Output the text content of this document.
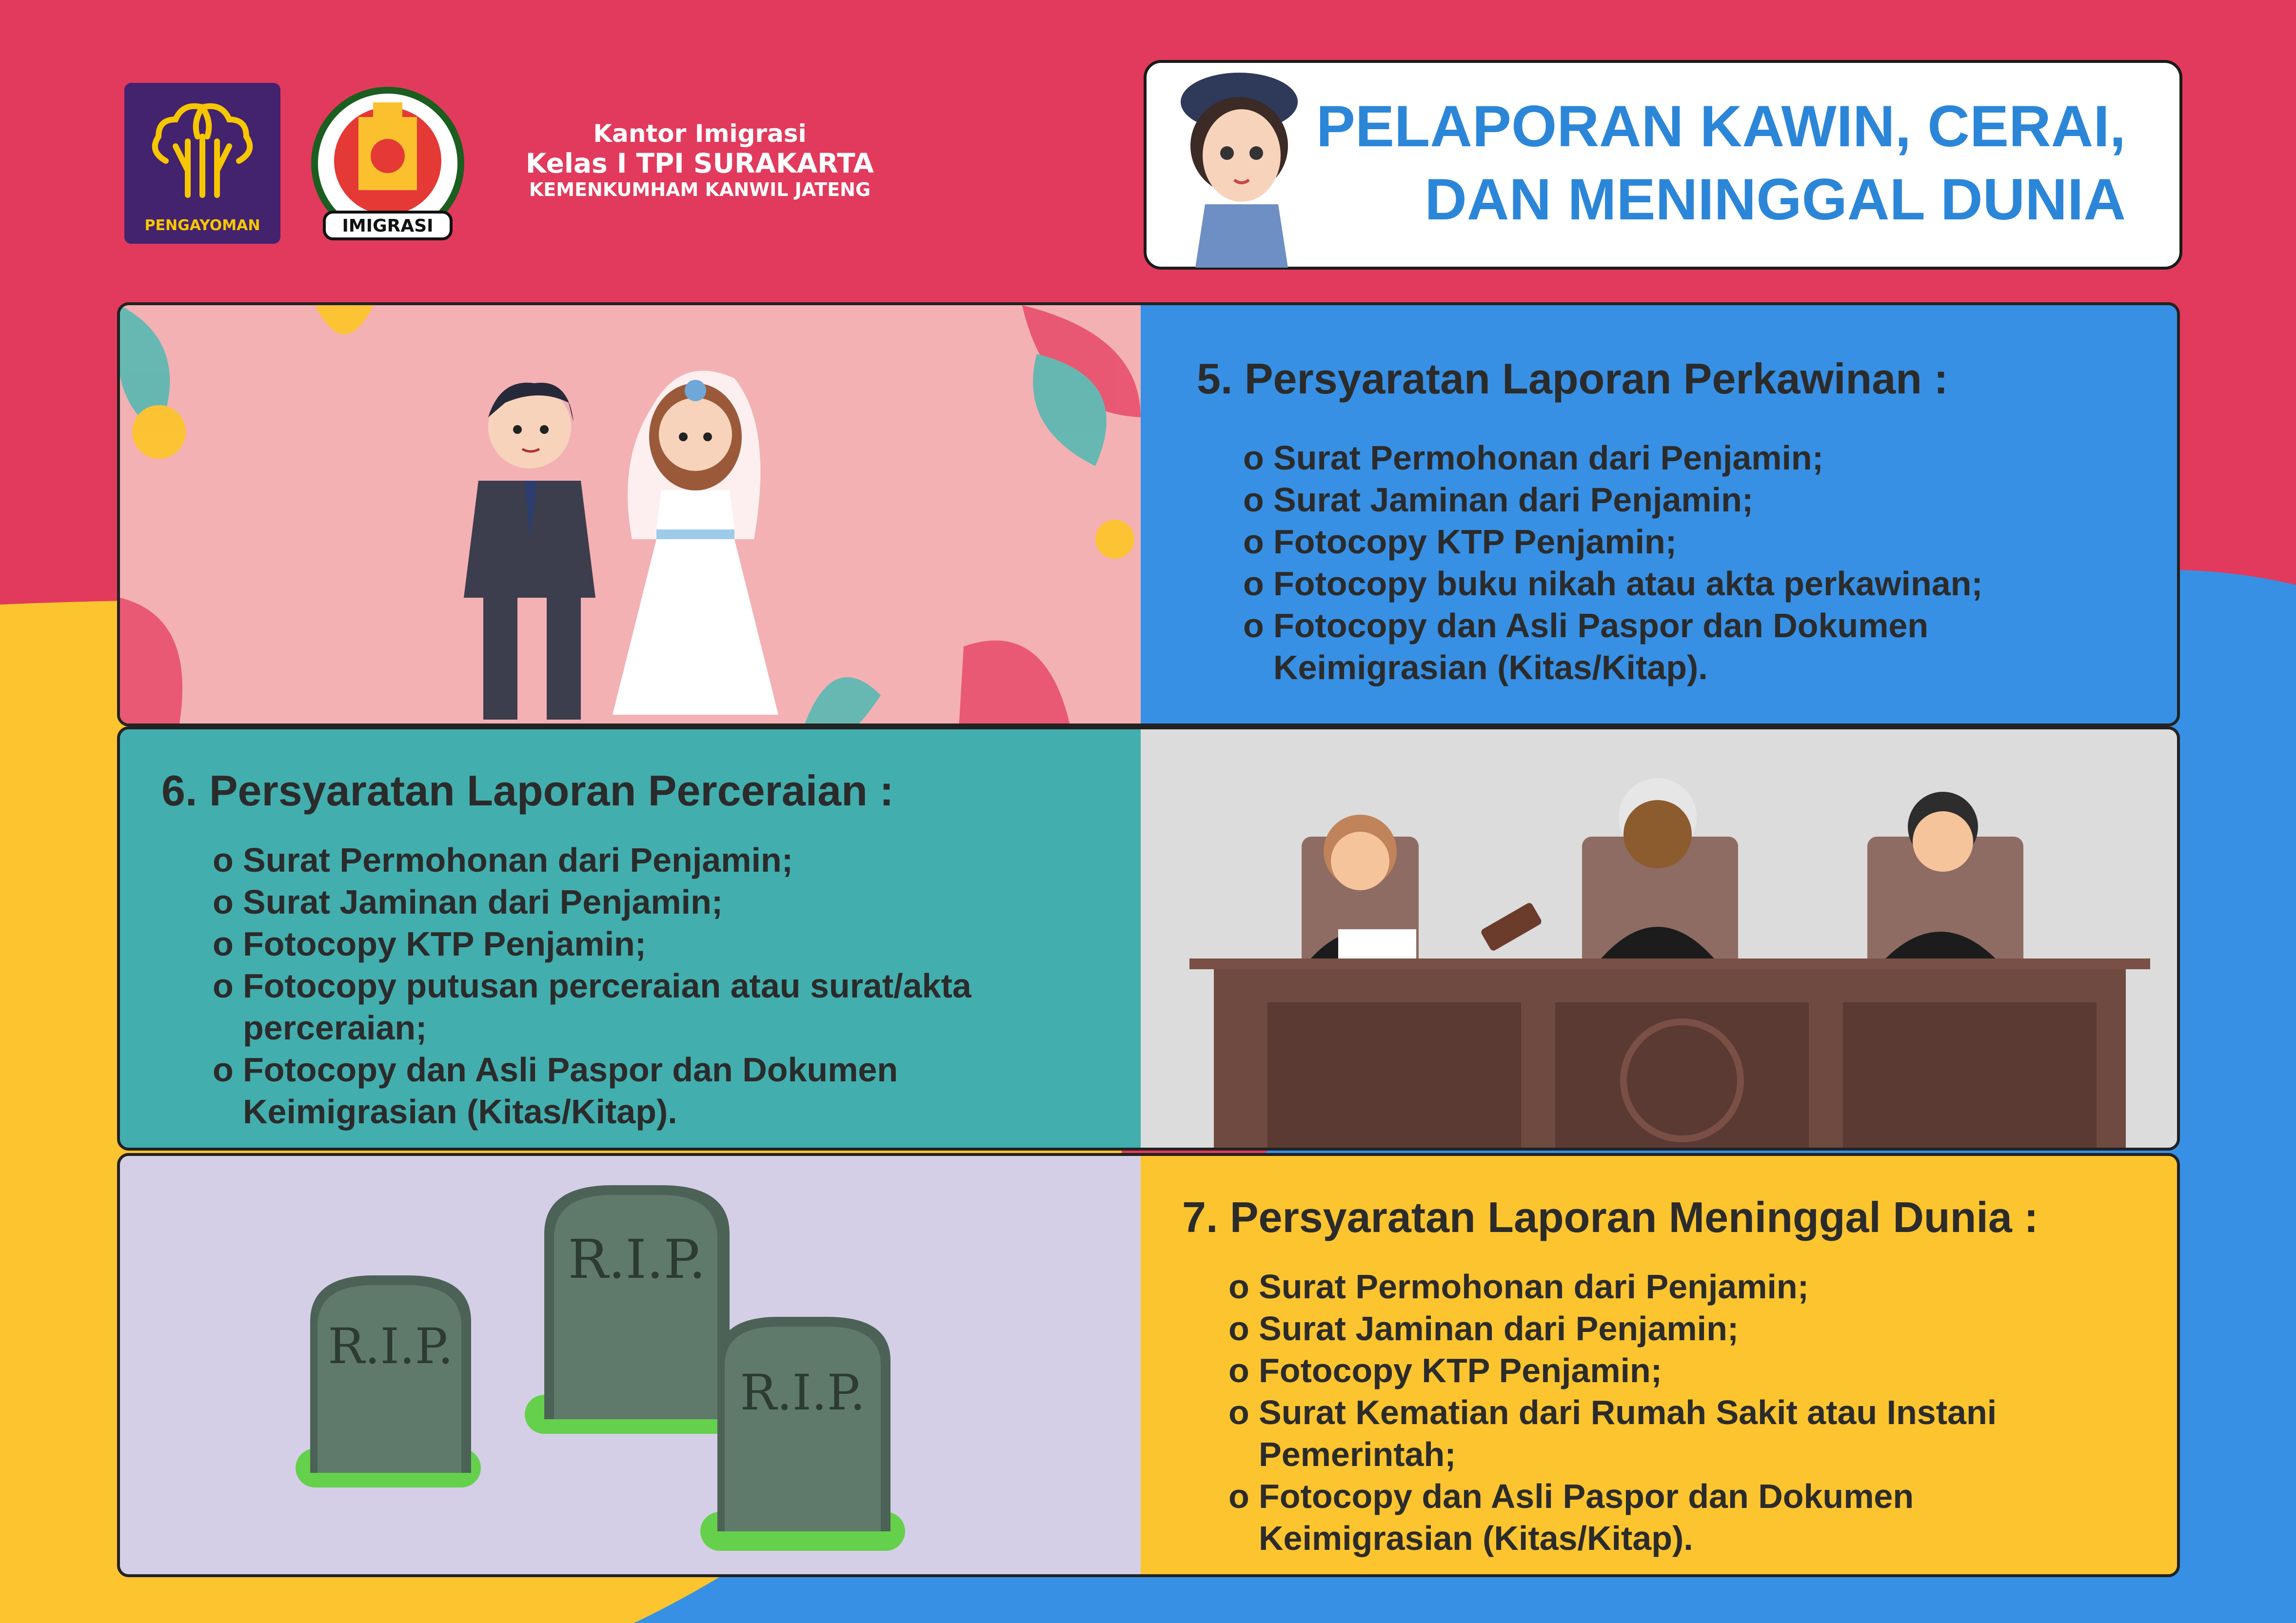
PENGAYOMAN	IMIGRASI
Kantor Imigrasi
Kelas I TPI SURAKARTA
KEMENKUMHAM KANWIL JATENG
PELAPORAN KAWIN, CERAI,
DAN MENINGGAL DUNIA
5. Persyaratan Laporan Perkawinan :
o Surat Permohonan dari Penjamin;
o Surat Jaminan dari Penjamin;
o Fotocopy KTP Penjamin;
o Fotocopy buku nikah atau akta perkawinan;
o Fotocopy dan Asli Paspor dan Dokumen Keimigrasian (Kitas/Kitap).
6. Persyaratan Laporan Perceraian :
o Surat Permohonan dari Penjamin;
o Surat Jaminan dari Penjamin;
o Fotocopy KTP Penjamin;
o Fotocopy putusan perceraian atau surat/akta perceraian;
o Fotocopy dan Asli Paspor dan Dokumen Keimigrasian (Kitas/Kitap).
R.I.P.
R.I.P.
R.I.P.
7. Persyaratan Laporan Meninggal Dunia :
o Surat Permohonan dari Penjamin;
o Surat Jaminan dari Penjamin;
o Fotocopy KTP Penjamin;
o Surat Kematian dari Rumah Sakit atau Instani Pemerintah;
o Fotocopy dan Asli Paspor dan Dokumen Keimigrasian (Kitas/Kitap).
